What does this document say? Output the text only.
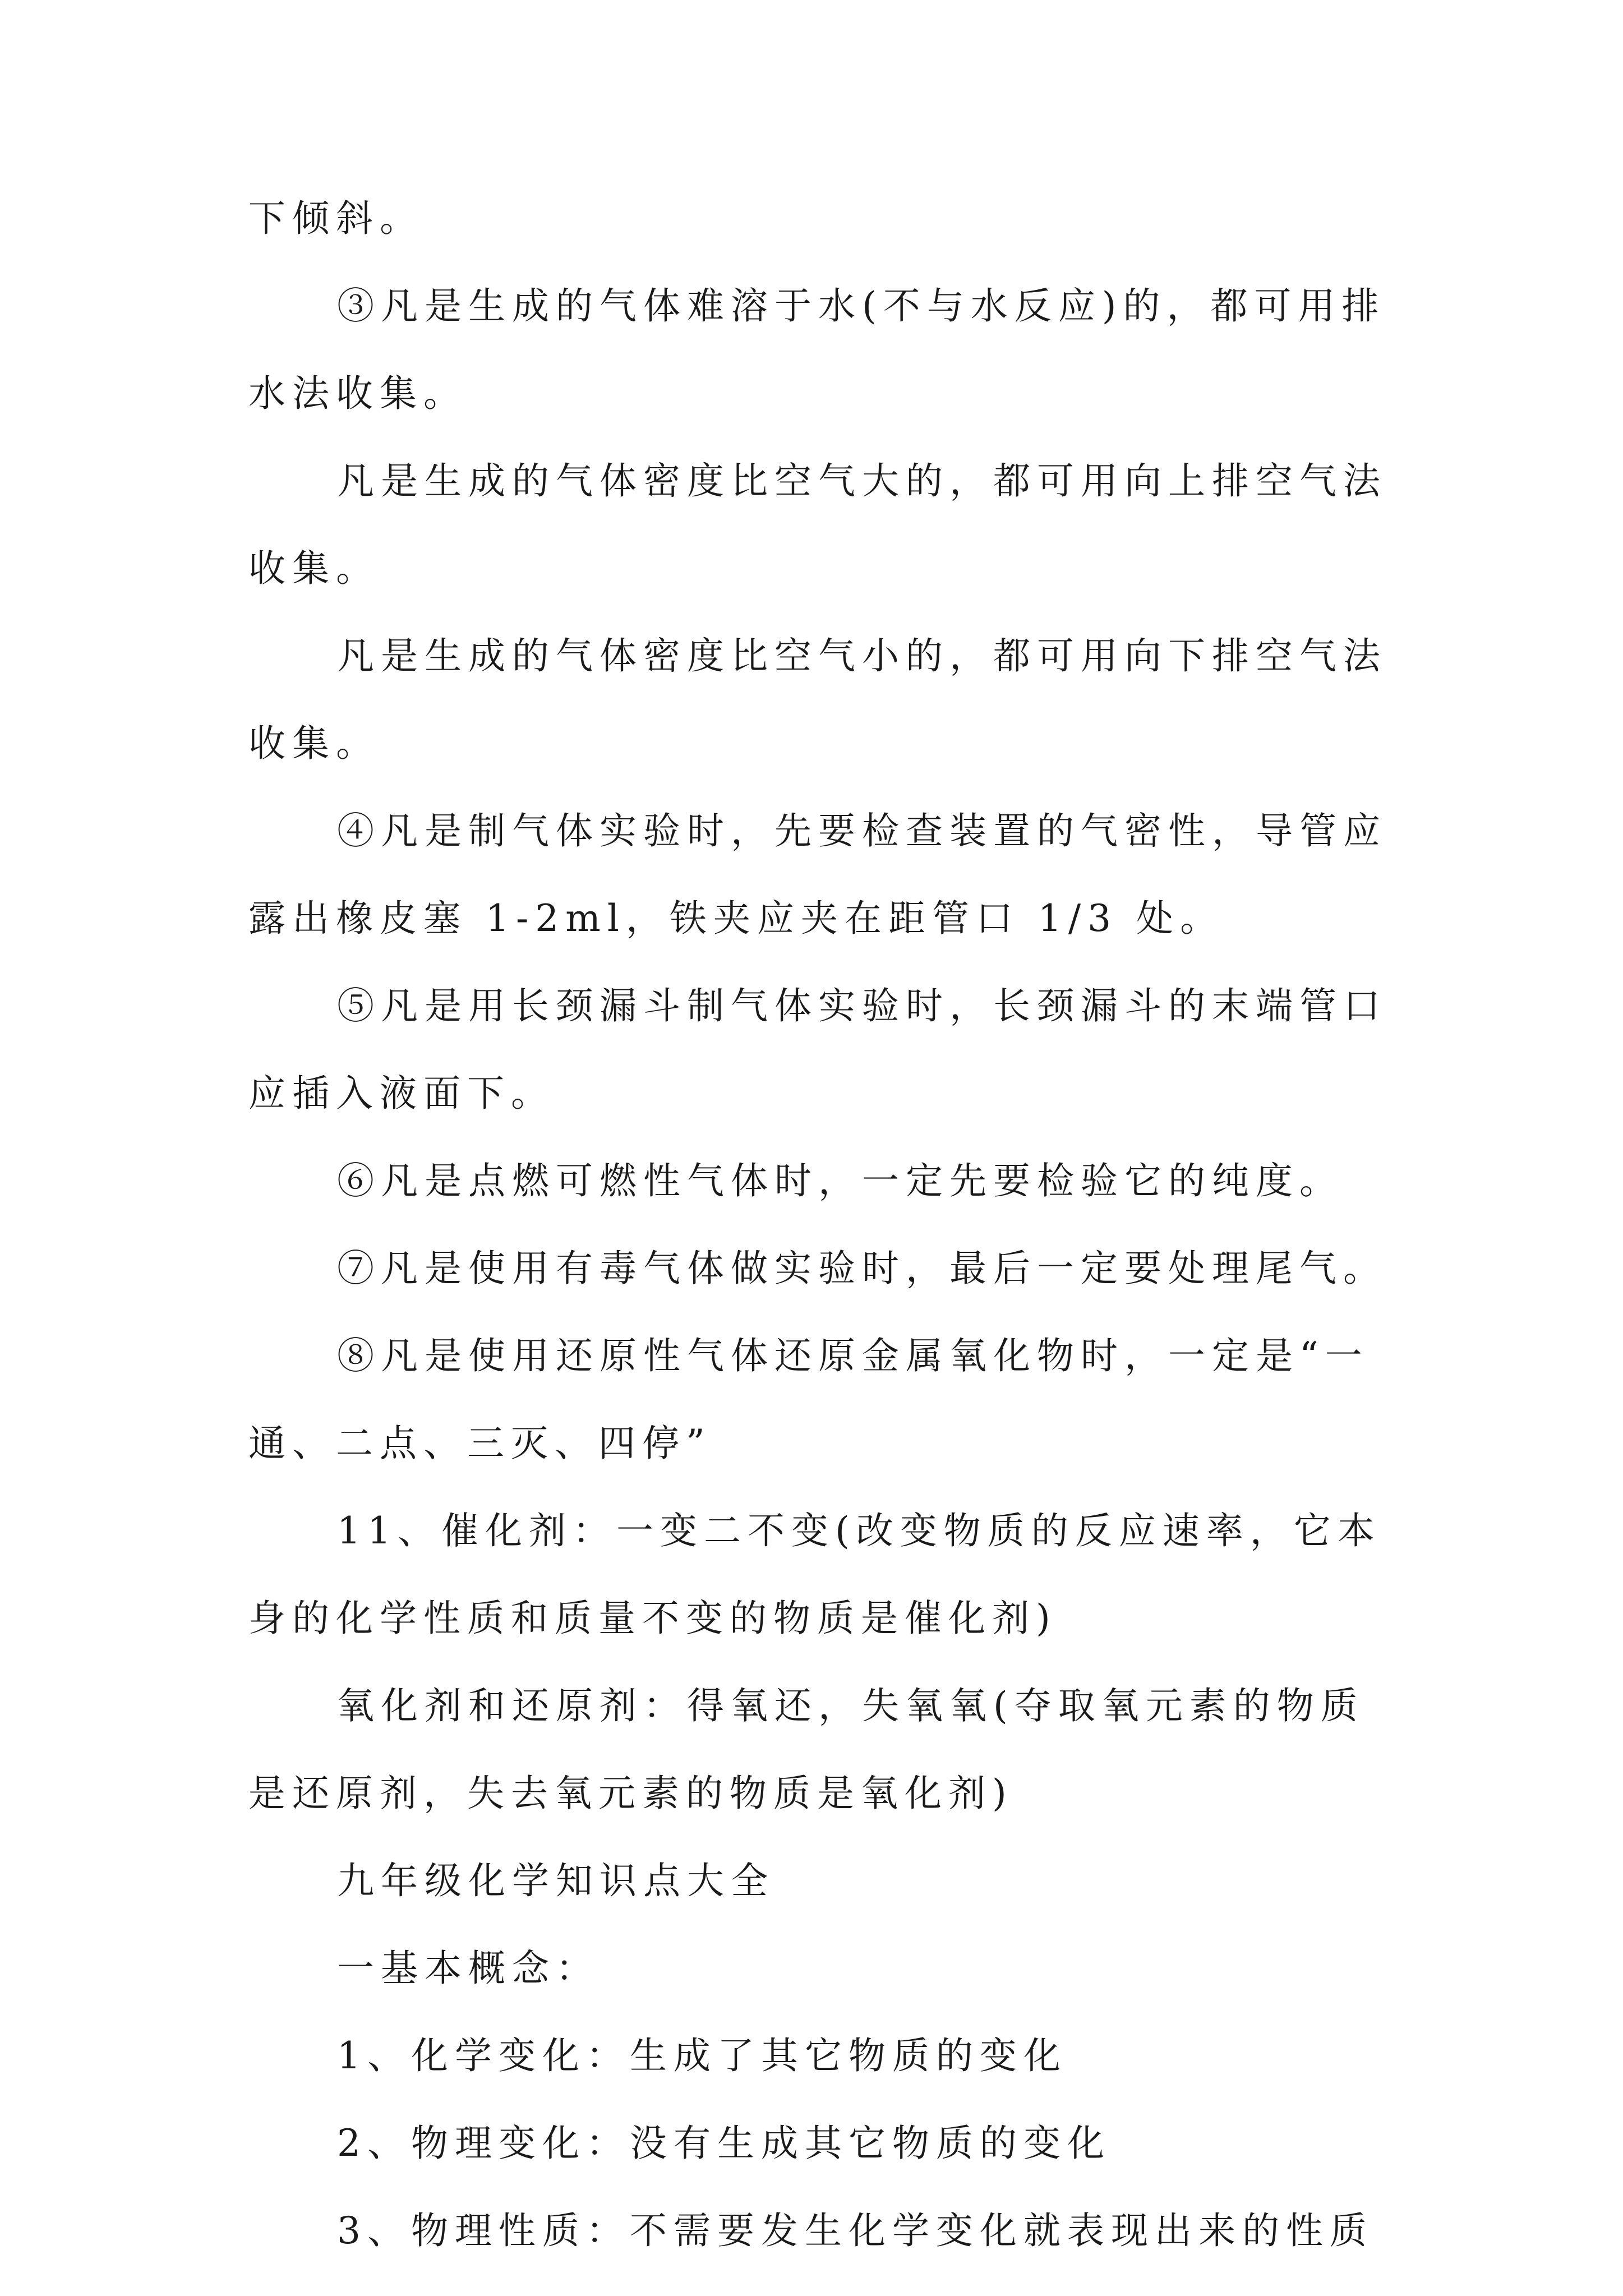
下倾斜。
③凡是生成的气体难溶于水(不与水反应)的，都可用排
水法收集。
凡是生成的气体密度比空气大的，都可用向上排空气法
收集。
凡是生成的气体密度比空气小的，都可用向下排空气法
收集。
④凡是制气体实验时，先要检查装置的气密性，导管应
露出橡皮塞 1-2ml，铁夹应夹在距管口 1/3 处。
⑤凡是用长颈漏斗制气体实验时，长颈漏斗的末端管口
应插入液面下。
⑥凡是点燃可燃性气体时，一定先要检验它的纯度。
⑦凡是使用有毒气体做实验时，最后一定要处理尾气。
⑧凡是使用还原性气体还原金属氧化物时，一定是“一
通、二点、三灭、四停”
11、催化剂：一变二不变(改变物质的反应速率，它本
身的化学性质和质量不变的物质是催化剂)
氧化剂和还原剂：得氧还，失氧氧(夺取氧元素的物质
是还原剂，失去氧元素的物质是氧化剂)
九年级化学知识点大全
一基本概念：
1、化学变化：生成了其它物质的变化
2、物理变化：没有生成其它物质的变化
3、物理性质：不需要发生化学变化就表现出来的性质
